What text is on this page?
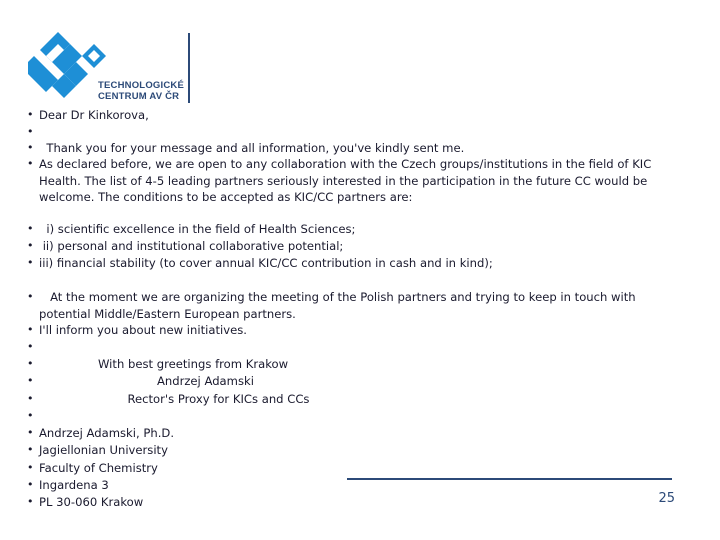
TECHNOLOGICKÉ
CENTRUM AV ČR
• Dear Dr Kinkorova,
•
• Thank you for your message and all information, you've kindly sent me.
• As declared before, we are open to any collaboration with the Czech groups/institutions in the field of KIC Health. The list of 4-5 leading partners seriously interested in the participation in the future CC would be welcome. The conditions to be accepted as KIC/CC partners are:
• i) scientific excellence in the field of Health Sciences;
• ii) personal and institutional collaborative potential;
• iii) financial stability (to cover annual KIC/CC contribution in cash and in kind);
• At the moment we are organizing the meeting of the Polish partners and trying to keep in touch with potential Middle/Eastern European partners.
• I'll inform you about new initiatives.
•
• With best greetings from Krakow
• Andrzej Adamski
• Rector's Proxy for KICs and CCs
•
• Andrzej Adamski, Ph.D.
• Jagiellonian University
• Faculty of Chemistry
• Ingardena 3
• PL 30-060 Krakow	25
